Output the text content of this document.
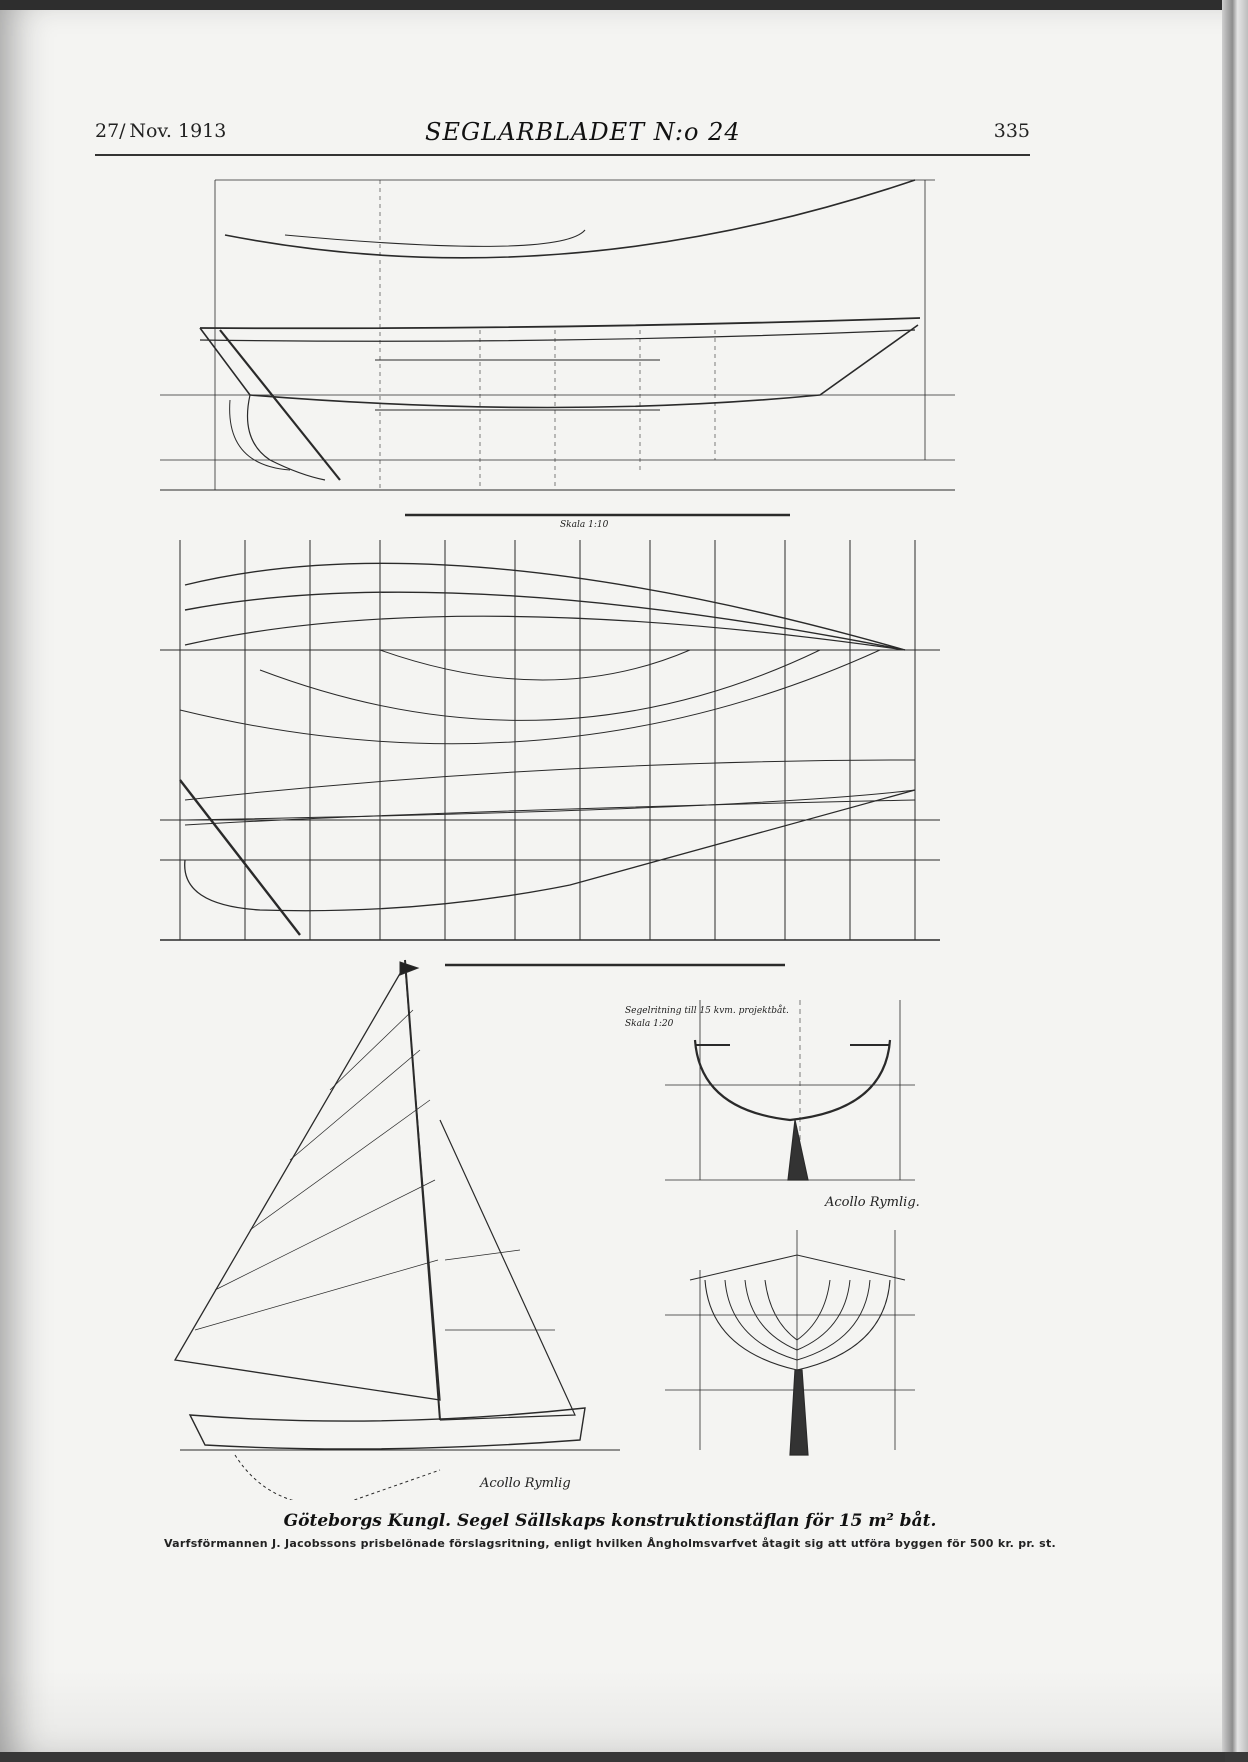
27/ Nov. 1913	SEGLARBLADET N:o 24	335
Skala 1:10
Segelritning till 15 kvm. projektbåt.
Skala 1:20
Acollo Rymlig.
Acollo Rymlig
Göteborgs Kungl. Segel Sällskaps konstruktionstäflan för 15 m² båt.
Varfsförmannen J. Jacobssons prisbelönade förslagsritning, enligt hvilken Ångholmsvarfvet åtagit sig att utföra byggen för 500 kr. pr. st.
